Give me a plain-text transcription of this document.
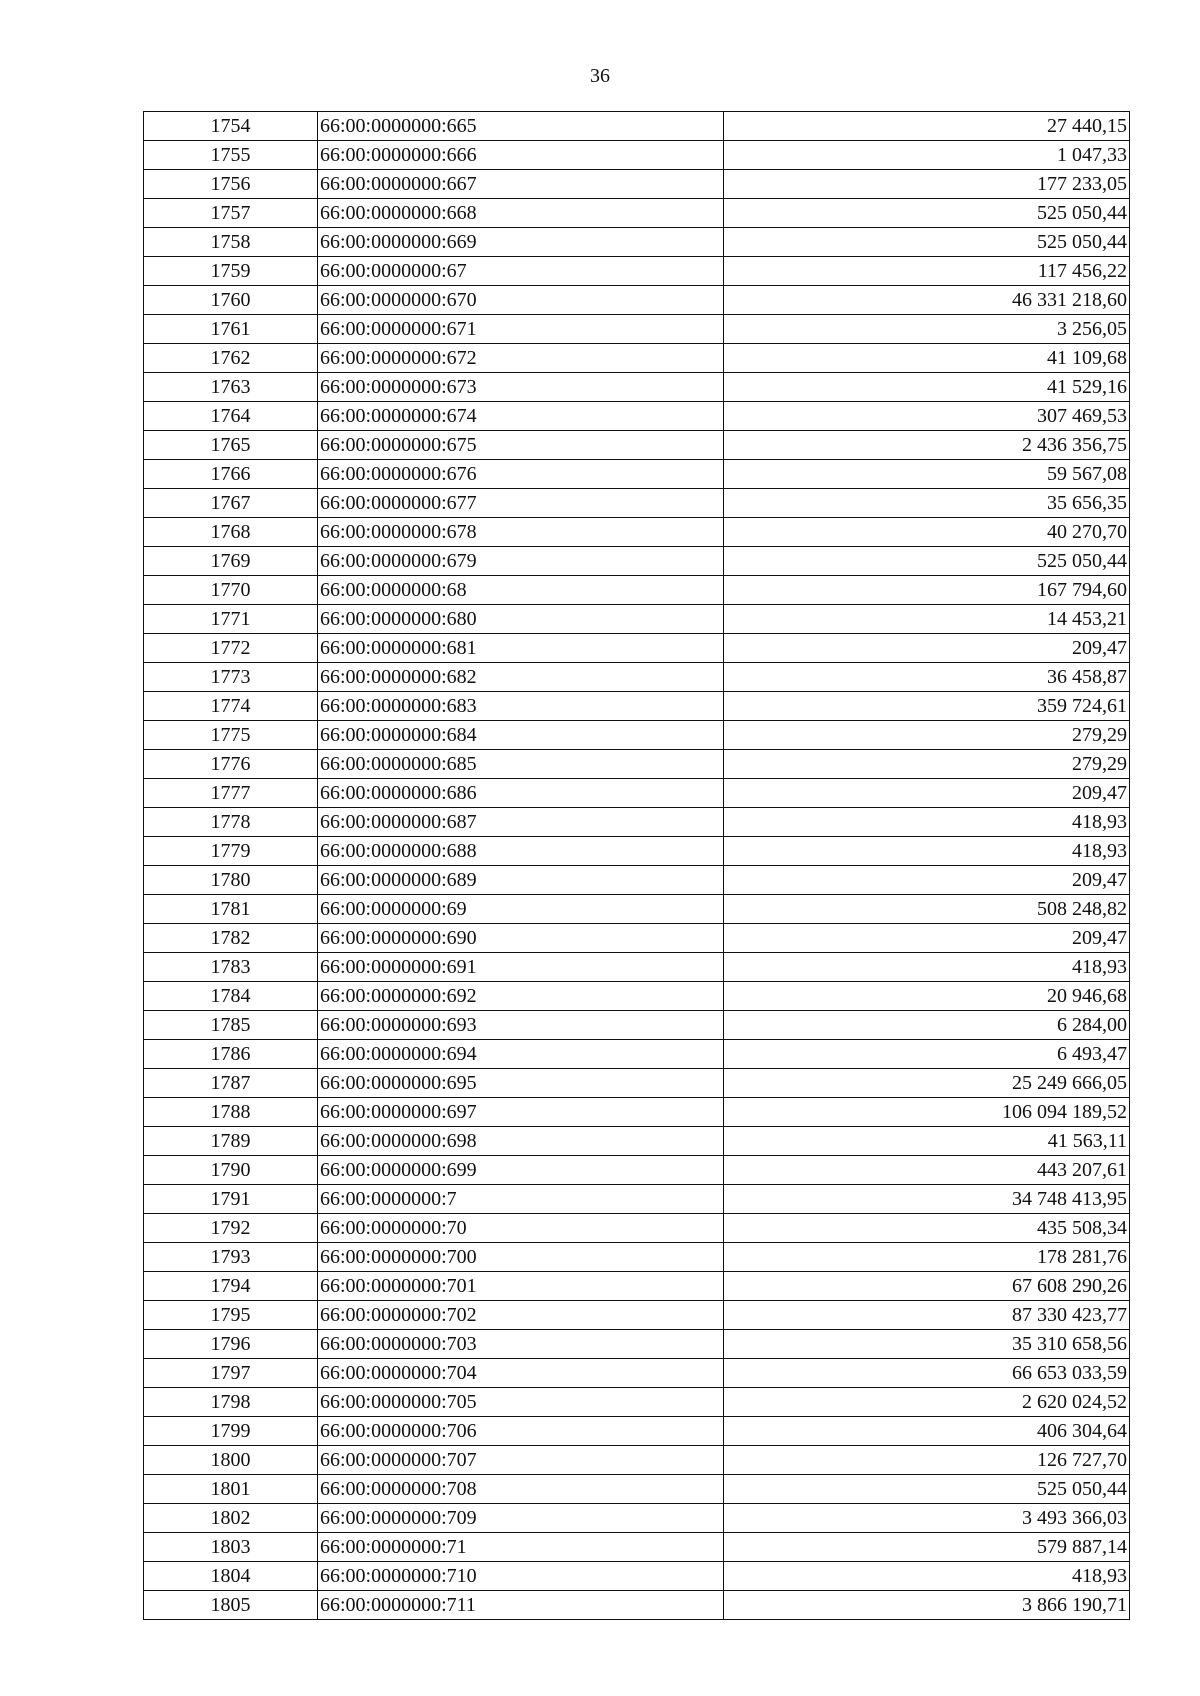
36
1754	66:00:0000000:665	27 440,15
1755	66:00:0000000:666	1 047,33
1756	66:00:0000000:667	177 233,05
1757	66:00:0000000:668	525 050,44
1758	66:00:0000000:669	525 050,44
1759	66:00:0000000:67	117 456,22
1760	66:00:0000000:670	46 331 218,60
1761	66:00:0000000:671	3 256,05
1762	66:00:0000000:672	41 109,68
1763	66:00:0000000:673	41 529,16
1764	66:00:0000000:674	307 469,53
1765	66:00:0000000:675	2 436 356,75
1766	66:00:0000000:676	59 567,08
1767	66:00:0000000:677	35 656,35
1768	66:00:0000000:678	40 270,70
1769	66:00:0000000:679	525 050,44
1770	66:00:0000000:68	167 794,60
1771	66:00:0000000:680	14 453,21
1772	66:00:0000000:681	209,47
1773	66:00:0000000:682	36 458,87
1774	66:00:0000000:683	359 724,61
1775	66:00:0000000:684	279,29
1776	66:00:0000000:685	279,29
1777	66:00:0000000:686	209,47
1778	66:00:0000000:687	418,93
1779	66:00:0000000:688	418,93
1780	66:00:0000000:689	209,47
1781	66:00:0000000:69	508 248,82
1782	66:00:0000000:690	209,47
1783	66:00:0000000:691	418,93
1784	66:00:0000000:692	20 946,68
1785	66:00:0000000:693	6 284,00
1786	66:00:0000000:694	6 493,47
1787	66:00:0000000:695	25 249 666,05
1788	66:00:0000000:697	106 094 189,52
1789	66:00:0000000:698	41 563,11
1790	66:00:0000000:699	443 207,61
1791	66:00:0000000:7	34 748 413,95
1792	66:00:0000000:70	435 508,34
1793	66:00:0000000:700	178 281,76
1794	66:00:0000000:701	67 608 290,26
1795	66:00:0000000:702	87 330 423,77
1796	66:00:0000000:703	35 310 658,56
1797	66:00:0000000:704	66 653 033,59
1798	66:00:0000000:705	2 620 024,52
1799	66:00:0000000:706	406 304,64
1800	66:00:0000000:707	126 727,70
1801	66:00:0000000:708	525 050,44
1802	66:00:0000000:709	3 493 366,03
1803	66:00:0000000:71	579 887,14
1804	66:00:0000000:710	418,93
1805	66:00:0000000:711	3 866 190,71
